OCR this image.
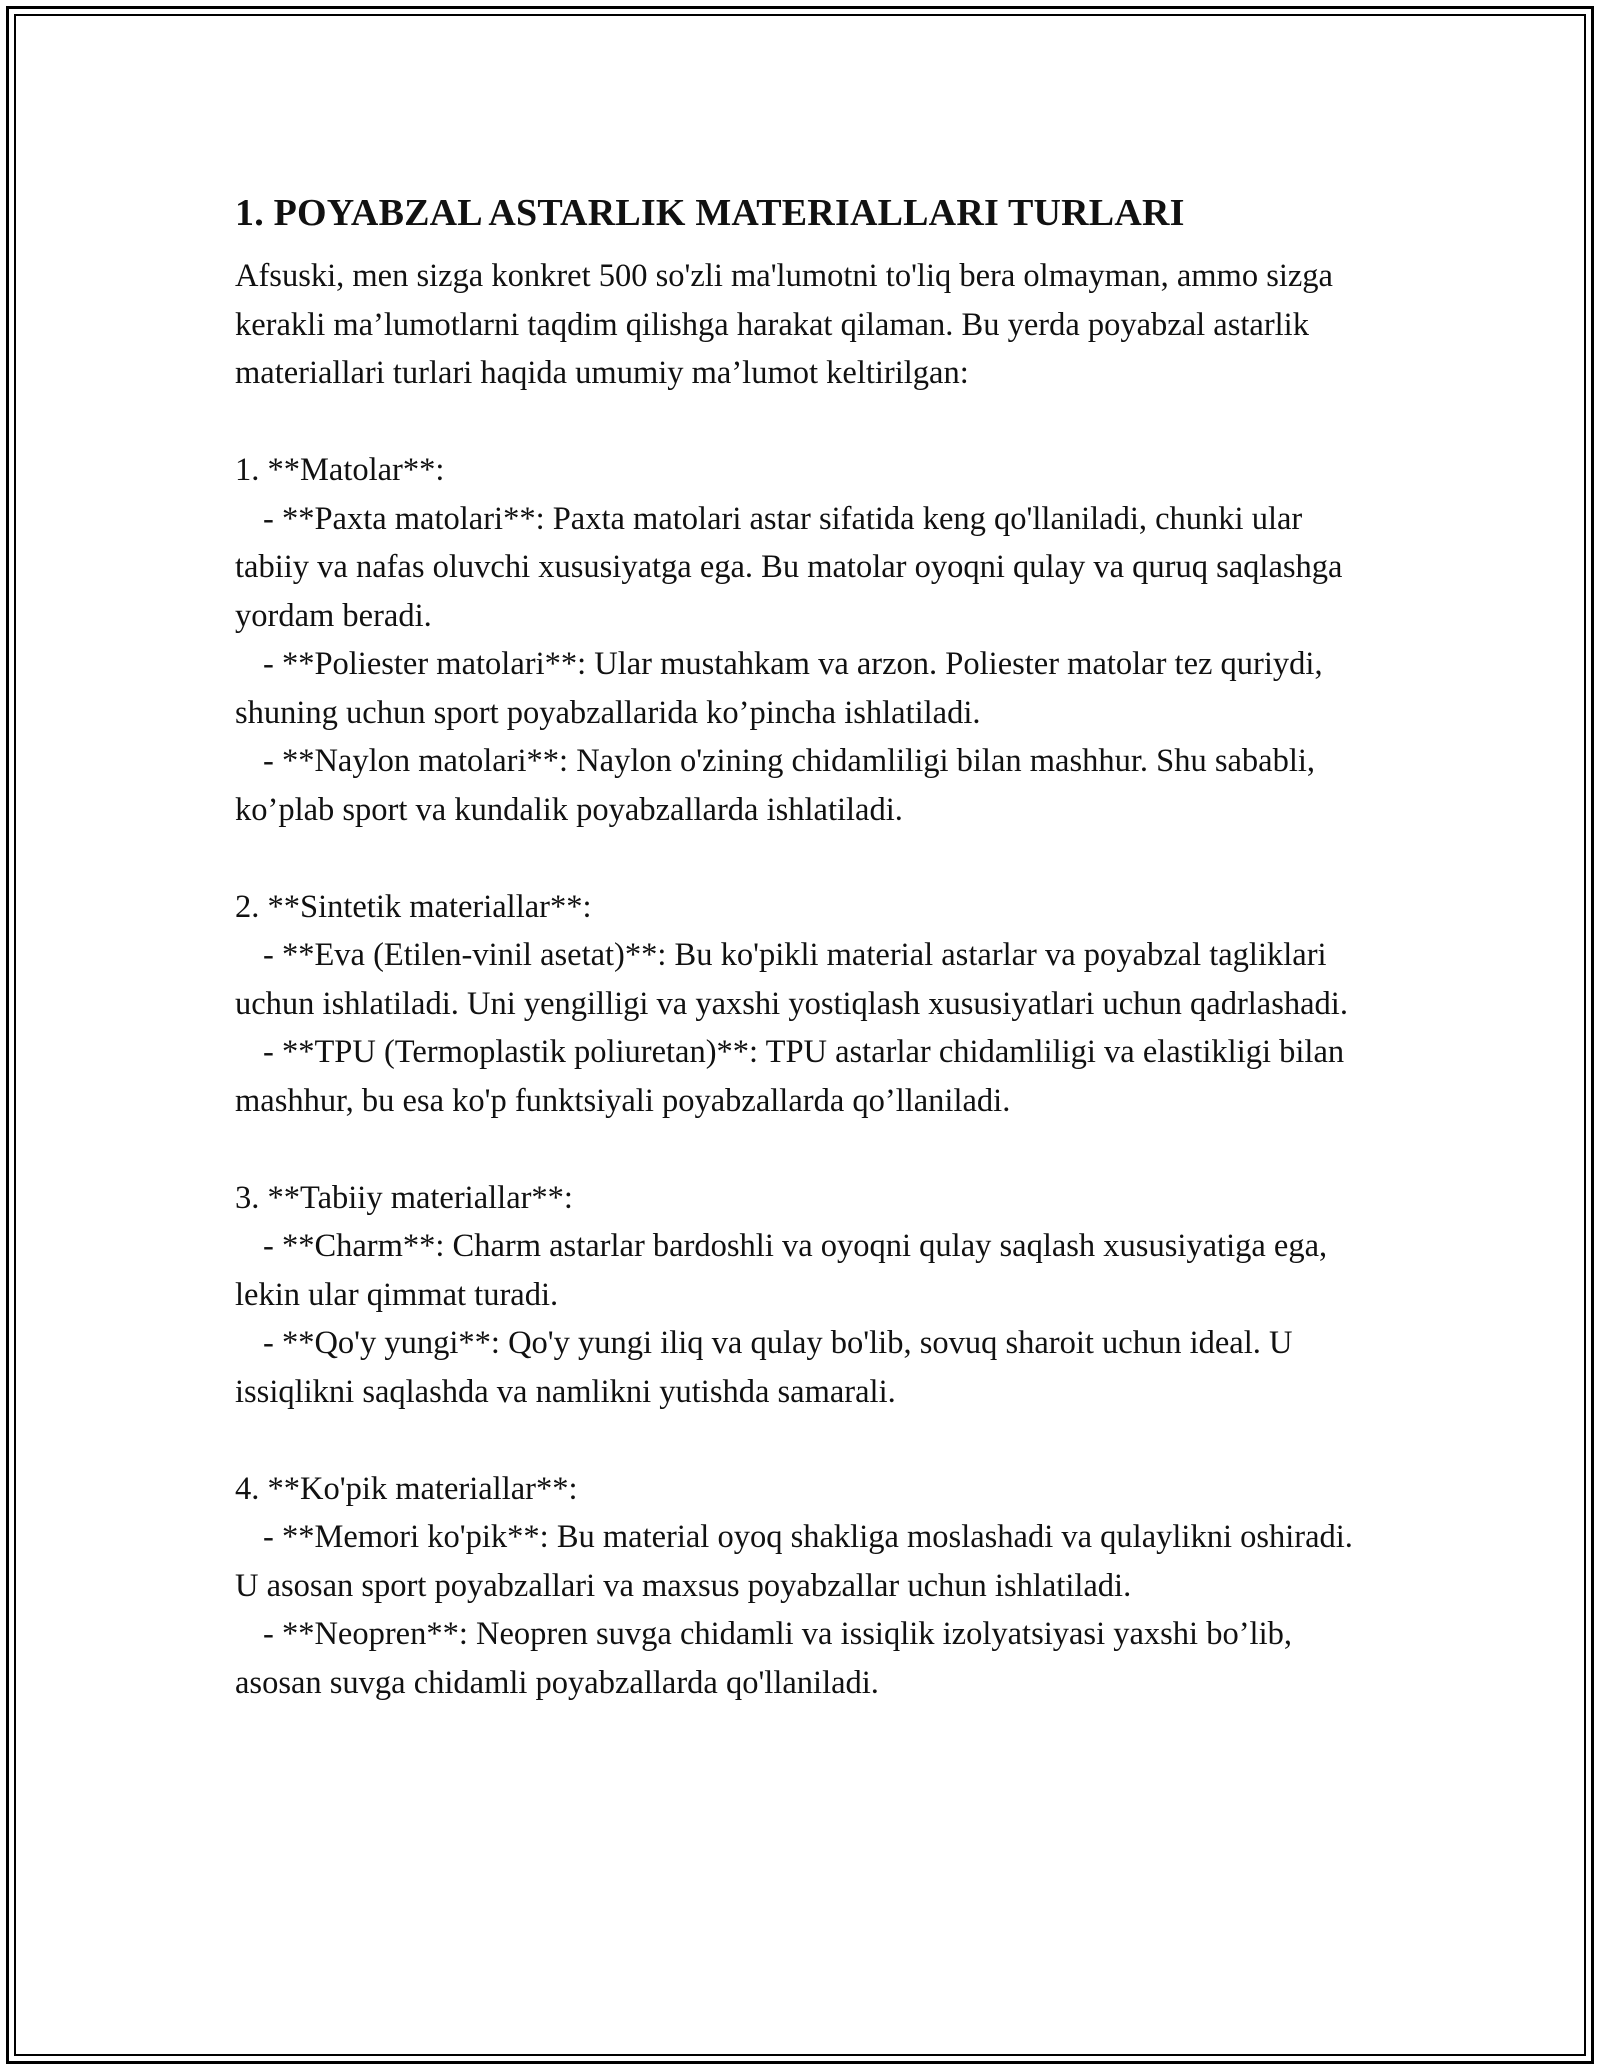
1. POYABZAL ASTARLIK MATERIALLARI TURLARI

Afsuski, men sizga konkret 500 so'zli ma'lumotni to'liq bera olmayman, ammo sizga kerakli ma’lumotlarni taqdim qilishga harakat qilaman. Bu yerda poyabzal astarlik materiallari turlari haqida umumiy ma’lumot keltirilgan:

1. **Matolar**:

- **Paxta matolari**: Paxta matolari astar sifatida keng qo'llaniladi, chunki ular tabiiy va nafas oluvchi xususiyatga ega. Bu matolar oyoqni qulay va quruq saqlashga yordam beradi.

- **Poliester matolari**: Ular mustahkam va arzon. Poliester matolar tez quriydi, shuning uchun sport poyabzallarida ko’pincha ishlatiladi.

- **Naylon matolari**: Naylon o'zining chidamliligi bilan mashhur. Shu sababli, ko’plab sport va kundalik poyabzallarda ishlatiladi.

2. **Sintetik materiallar**:

- **Eva (Etilen-vinil asetat)**: Bu ko'pikli material astarlar va poyabzal tagliklari uchun ishlatiladi. Uni yengilligi va yaxshi yostiqlash xususiyatlari uchun qadrlashadi.

- **TPU (Termoplastik poliuretan)**: TPU astarlar chidamliligi va elastikligi bilan mashhur, bu esa ko'p funktsiyali poyabzallarda qo’llaniladi.

3. **Tabiiy materiallar**:

- **Charm**: Charm astarlar bardoshli va oyoqni qulay saqlash xususiyatiga ega, lekin ular qimmat turadi.

- **Qo'y yungi**: Qo'y yungi iliq va qulay bo'lib, sovuq sharoit uchun ideal. U issiqlikni saqlashda va namlikni yutishda samarali.

4. **Ko'pik materiallar**:

- **Memori ko'pik**: Bu material oyoq shakliga moslashadi va qulaylikni oshiradi. U asosan sport poyabzallari va maxsus poyabzallar uchun ishlatiladi.

- **Neopren**: Neopren suvga chidamli va issiqlik izolyatsiyasi yaxshi bo’lib, asosan suvga chidamli poyabzallarda qo'llaniladi.
